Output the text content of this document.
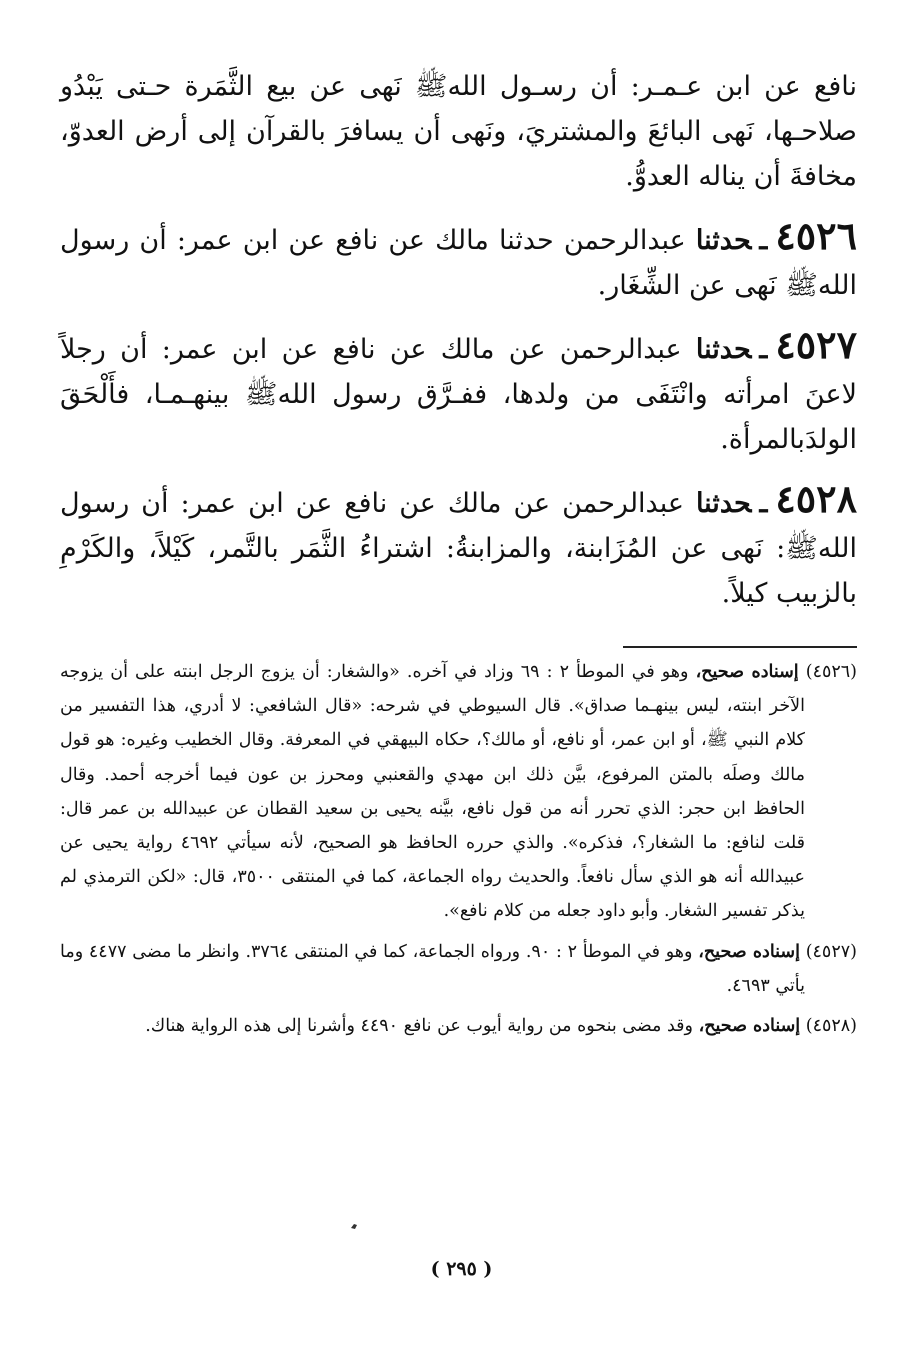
نافع عن ابن عـمـر: أن رسـول اللهﷺ نَهى عن بيع الثَّمَرة حـتى يَبْدُو صلاحـها، نَهى البائعَ والمشتريَ، ونَهى أن يسافرَ بالقرآن إلى أرض العدوّ، مخافةَ أن يناله العدوُّ.

٤٥٢٦ـحدثنا عبدالرحمن حدثنا مالك عن نافع عن ابن عمر: أن رسول اللهﷺ نَهى عن الشِّغَار.

٤٥٢٧ـحدثنا عبدالرحمن عن مالك عن نافع عن ابن عمر: أن رجلاً لاعنَ امرأته وانْتَفَى من ولدها، ففـرَّق رسول اللهﷺ بينهـمـا، فأَلْحَقَ الولدَبالمرأة.

٤٥٢٨ـحدثنا عبدالرحمن عن مالك عن نافع عن ابن عمر: أن رسول اللهﷺ: نَهى عن المُزَابنة، والمزابنةُ: اشتراءُ الثَّمَر بالتَّمر، كَيْلاً، والكَرْمِ بالزبيب كيلاً.

(٤٥٢٦) إسناده صحيح، وهو في الموطأ ٢ : ٦٩ وزاد في آخره. «والشغار: أن يزوج الرجل ابنته على أن يزوجه الآخر ابنته، ليس بينهـما صداق». قال السيوطي في شرحه: «قال الشافعي: لا أدري، هذا التفسير من كلام النبي ﷺ، أو ابن عمر، أو نافع، أو مالك؟، حكاه البيهقي في المعرفة. وقال الخطيب وغيره: هو قول مالك وصلَه بالمتن المرفوع، بيَّن ذلك ابن مهدي والقعنبي ومحرز بن عون فيما أخرجه أحمد. وقال الحافظ ابن حجر: الذي تحرر أنه من قول نافع، بيَّنه يحيى بن سعيد القطان عن عبيدالله بن عمر قال: قلت لنافع: ما الشغار؟، فذكره». والذي حرره الحافظ هو الصحيح، لأنه سيأتي ٤٦٩٢ رواية يحيى عن عبيدالله أنه هو الذي سأل نافعاً. والحديث رواه الجماعة، كما في المنتقى ٣٥٠٠، قال: «لكن الترمذي لم يذكر تفسير الشغار. وأبو داود جعله من كلام نافع».

(٤٥٢٧) إسناده صحيح، وهو في الموطأ ٢ : ٩٠. ورواه الجماعة، كما في المنتقى ٣٧٦٤. وانظر ما مضى ٤٤٧٧ وما يأتي ٤٦٩٣.

(٤٥٢٨) إسناده صحيح، وقد مضى بنحوه من رواية أيوب عن نافع ٤٤٩٠ وأشرنا إلى هذه الرواية هناك.

( ٢٩٥ )
